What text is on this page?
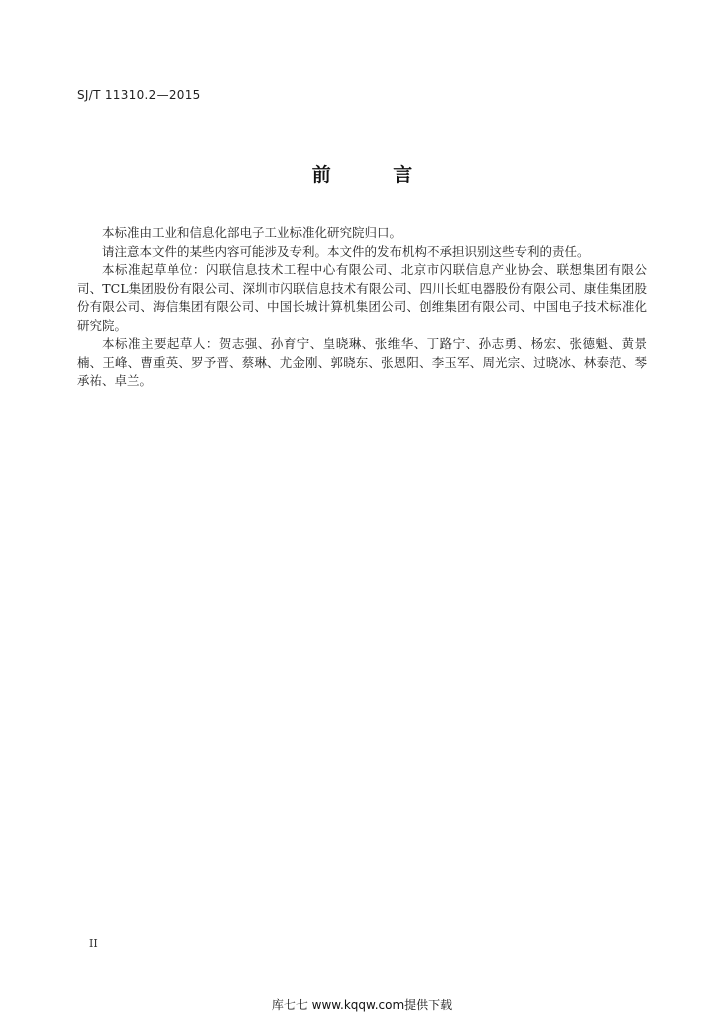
SJ/T 11310.2—2015
前 言

本标准由工业和信息化部电子工业标准化研究院归口。

请注意本文件的某些内容可能涉及专利。本文件的发布机构不承担识别这些专利的责任。

本标准起草单位：闪联信息技术工程中心有限公司、北京市闪联信息产业协会、联想集团有限公司、TCL集团股份有限公司、深圳市闪联信息技术有限公司、四川长虹电器股份有限公司、康佳集团股份有限公司、海信集团有限公司、中国长城计算机集团公司、创维集团有限公司、中国电子技术标准化研究院。

本标准主要起草人：贺志强、孙育宁、皇晓琳、张维华、丁路宁、孙志勇、杨宏、张德魁、黄景楠、王峰、曹重英、罗予晋、蔡琳、尤金刚、郭晓东、张恩阳、李玉军、周光宗、过晓冰、林泰范、琴承祐、卓兰。

II
库七七 www.kqqw.com提供下载
